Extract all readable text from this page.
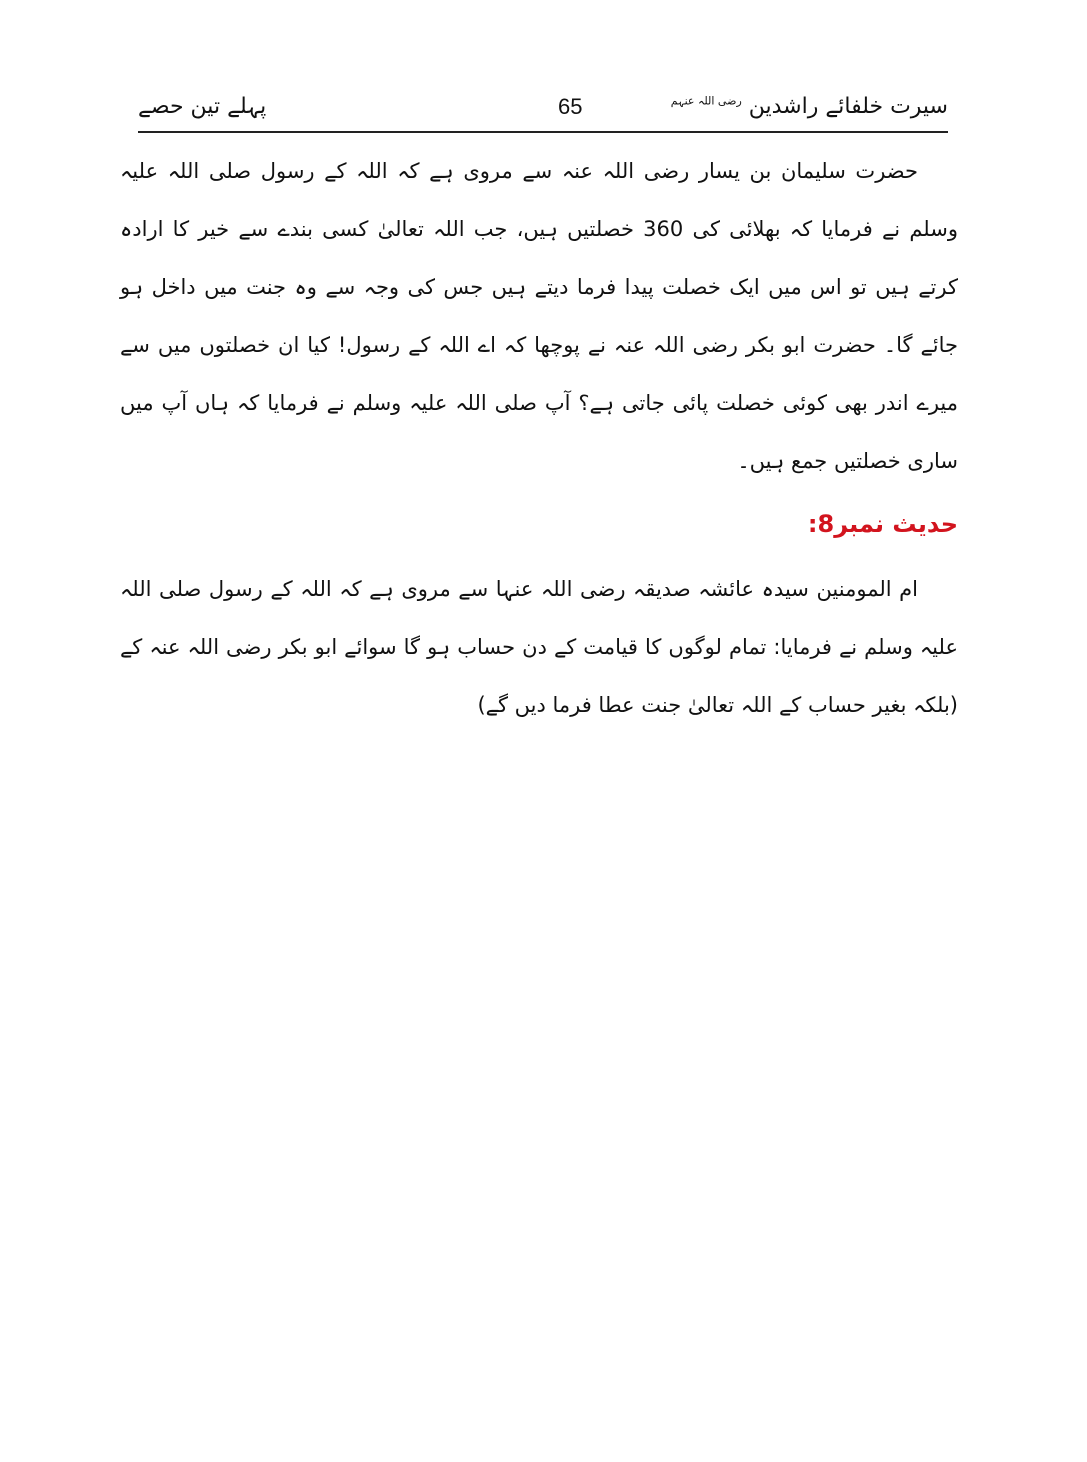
سیرت خلفائے راشدین $^{رضی اللہ عنہم}$
65
پہلے تین حصے

حضرت سلیمان بن یسار رضی اللہ عنہ سے مروی ہے کہ اللہ کے رسول صلی اللہ علیہ وسلم نے فرمایا کہ بھلائی کی 360 خصلتیں ہیں، جب اللہ تعالیٰ کسی بندے سے خیر کا ارادہ کرتے ہیں تو اس میں ایک خصلت پیدا فرما دیتے ہیں جس کی وجہ سے وہ جنت میں داخل ہو جائے گا۔ حضرت ابو بکر رضی اللہ عنہ نے پوچھا کہ اے اللہ کے رسول! کیا ان خصلتوں میں سے میرے اندر بھی کوئی خصلت پائی جاتی ہے؟ آپ صلی اللہ علیہ وسلم نے فرمایا کہ ہاں آپ میں ساری خصلتیں جمع ہیں۔

حدیث نمبر8:

ام المومنین سیدہ عائشہ صدیقہ رضی اللہ عنہا سے مروی ہے کہ اللہ کے رسول صلی اللہ علیہ وسلم نے فرمایا: تمام لوگوں کا قیامت کے دن حساب ہو گا سوائے ابو بکر رضی اللہ عنہ کے (بلکہ بغیر حساب کے اللہ تعالیٰ جنت عطا فرما دیں گے)
